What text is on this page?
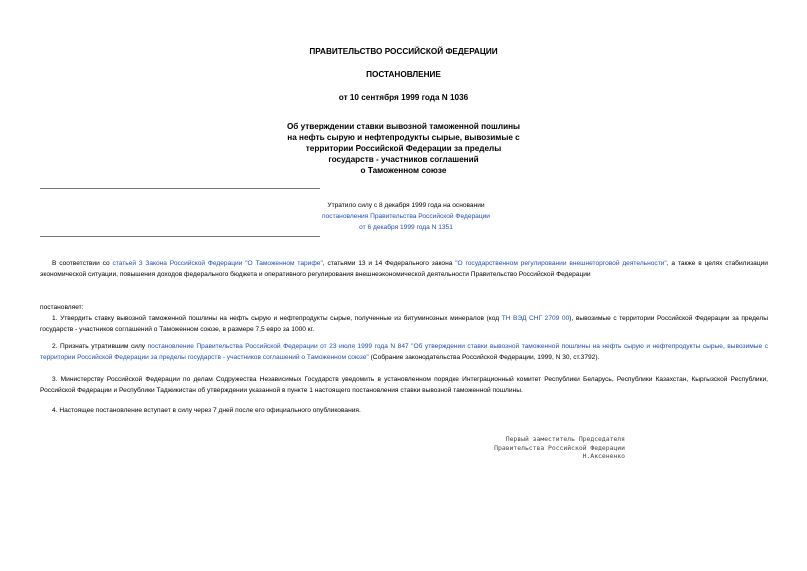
ПРАВИТЕЛЬСТВО РОССИЙСКОЙ ФЕДЕРАЦИИ
ПОСТАНОВЛЕНИЕ
от 10 сентября 1999 года N 1036
Об утверждении ставки вывозной таможенной пошлины
на нефть сырую и нефтепродукты сырые, вывозимые с
территории Российской Федерации за пределы
государств - участников соглашений
о Таможенном союзе
Утратило силу с 8 декабря 1999 года на основании
постановления Правительства Российской Федерации
от 6 декабря 1999 года N 1351
В соответствии со статьей 3 Закона Российской Федерации "О Таможенном тарифе", статьями 13 и 14 Федерального закона "О государственном регулировании внешнеторговой деятельности", а также в целях стабилизации экономической ситуации, повышения доходов федерального бюджета и оперативного регулирования внешнеэкономической деятельности Правительство Российской Федерации
постановляет:
1. Утвердить ставку вывозной таможенной пошлины на нефть сырую и нефтепродукты сырые, полученные из битуминозных минералов (код ТН ВЭД СНГ 2709 00), вывозимые с территории Российской Федерации за пределы государств - участников соглашений о Таможенном союзе, в размере 7,5 евро за 1000 кг.
2. Признать утратившим силу постановление Правительства Российской Федерации от 23 июля 1999 года N 847 "Об утверждении ставки вывозной таможенной пошлины на нефть сырую и нефтепродукты сырые, вывозимые с территории Российской Федерации за пределы государств - участников соглашений о Таможенном союзе" (Собрание законодательства Российской Федерации, 1999, N 30, ст.3792).
3. Министерству Российской Федерации по делам Содружества Независимых Государств уведомить в установленном порядке Интеграционный комитет Республики Беларусь, Республики Казахстан, Кыргызской Республики, Российской Федерации и Республики Таджикистан об утверждении указанной в пункте 1 настоящего постановления ставки вывозной таможенной пошлины.
4. Настоящее постановление вступает в силу через 7 дней после его официального опубликования.
Первый заместитель Председателя
Правительства Российской Федерации
Н.Аксененко
